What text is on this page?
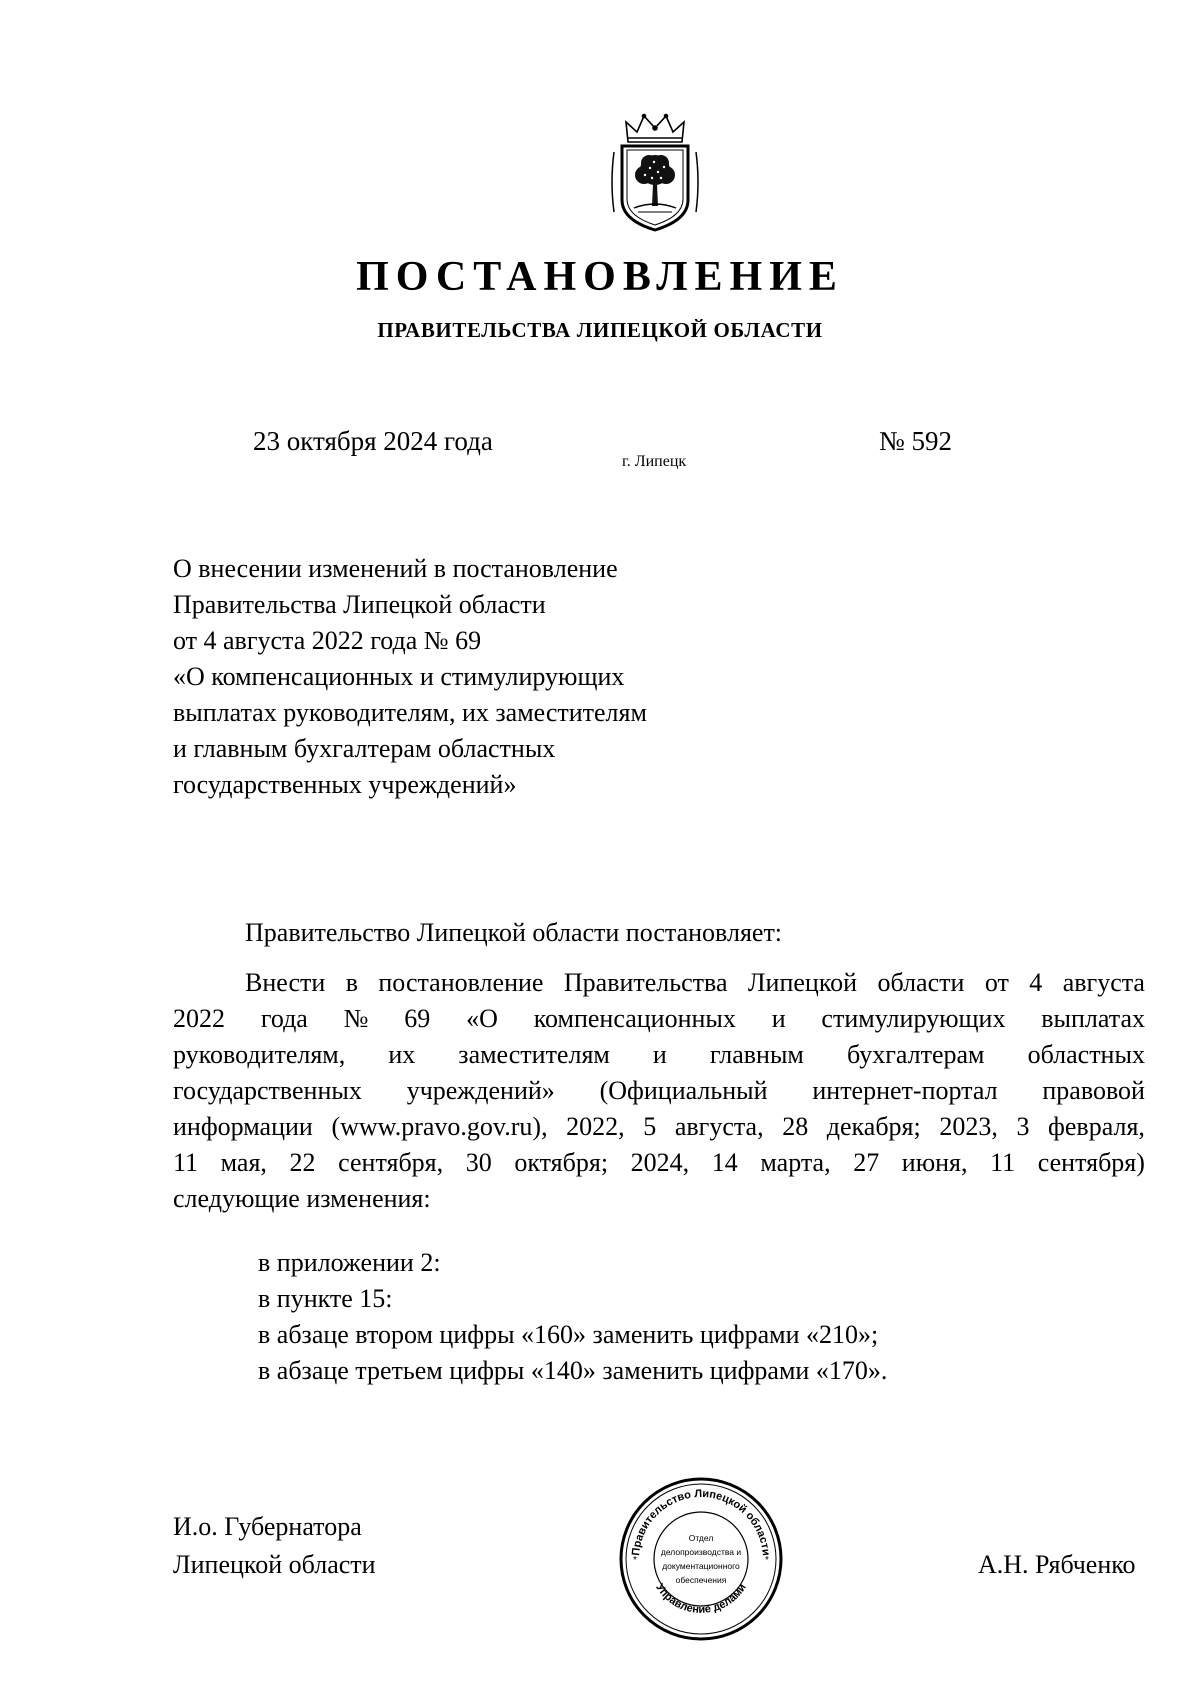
ПОСТАНОВЛЕНИЕ
ПРАВИТЕЛЬСТВА ЛИПЕЦКОЙ ОБЛАСТИ
23 октября 2024 года
г. Липецк
№ 592
О внесении изменений в постановление
Правительства Липецкой области
от 4 августа 2022 года № 69
«О компенсационных и стимулирующих
выплатах руководителям, их заместителям
и главным бухгалтерам областных
государственных учреждений»
Правительство Липецкой области постановляет:
Внести в постановление Правительства Липецкой области от 4 августа
2022 года № 69 «О компенсационных и стимулирующих выплатах
руководителям, их заместителям и главным бухгалтерам областных
государственных учреждений» (Официальный интернет-портал правовой
информации (www.pravo.gov.ru), 2022, 5 августа, 28 декабря; 2023, 3 февраля,
11 мая, 22 сентября, 30 октября; 2024, 14 марта, 27 июня, 11 сентября)
следующие изменения:
в приложении 2:
в пункте 15:
в абзаце втором цифры «160» заменить цифрами «210»;
в абзаце третьем цифры «140» заменить цифрами «170».
И.о. Губернатора
Липецкой области	А.Н. Рябченко
Правительство Липецкой области
Управление делами
Отдел
делопроизводства и
документационного
обеспечения
*	*
